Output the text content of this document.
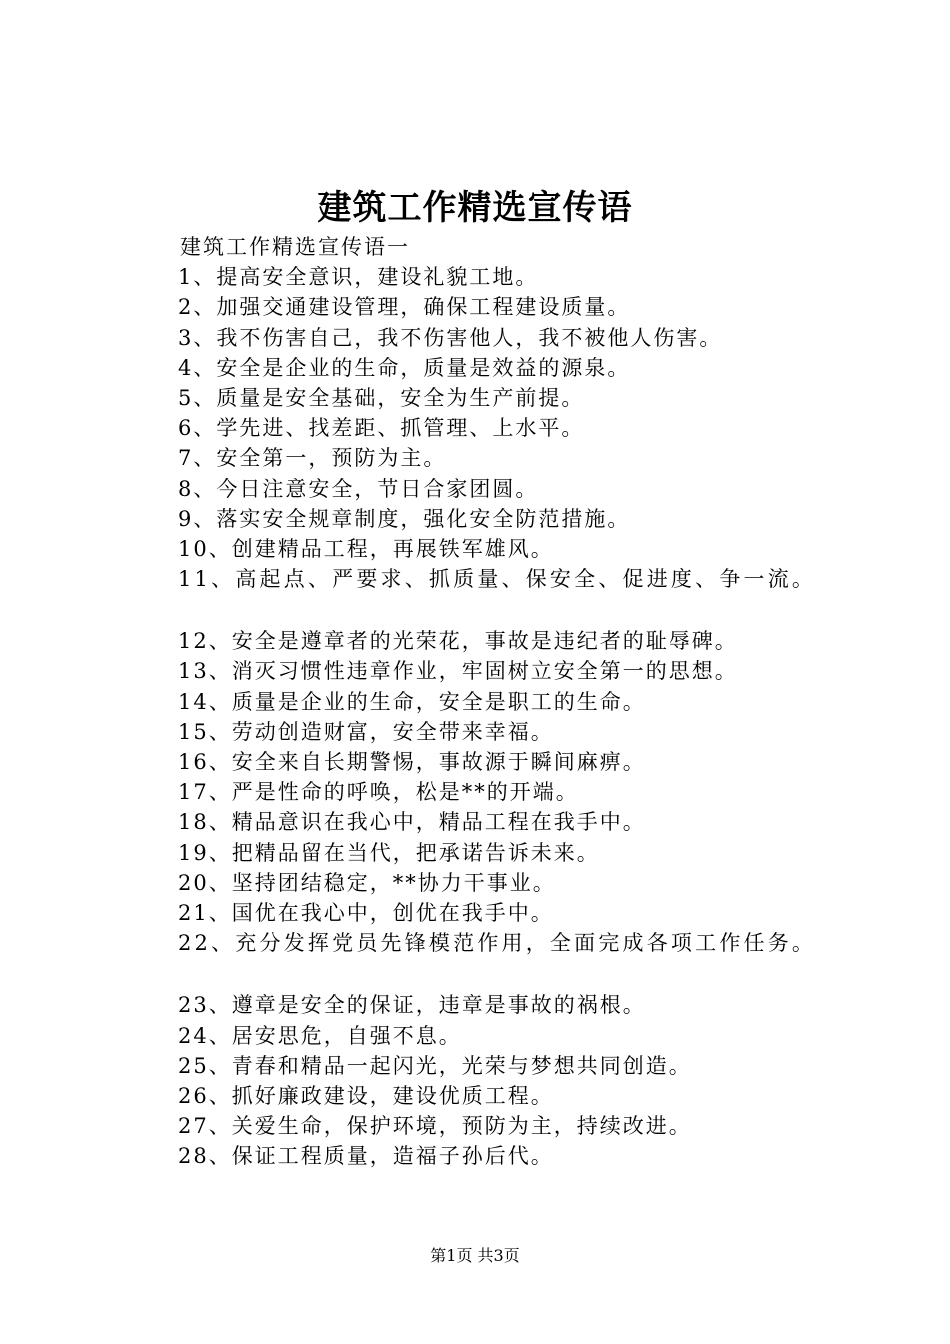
建筑工作精选宣传语
建筑工作精选宣传语一
1、提高安全意识，建设礼貌工地。
2、加强交通建设管理，确保工程建设质量。
3、我不伤害自己，我不伤害他人，我不被他人伤害。
4、安全是企业的生命，质量是效益的源泉。
5、质量是安全基础，安全为生产前提。
6、学先进、找差距、抓管理、上水平。
7、安全第一，预防为主。
8、今日注意安全，节日合家团圆。
9、落实安全规章制度，强化安全防范措施。
10、创建精品工程，再展铁军雄风。
11、高起点、严要求、抓质量、保安全、促进度、争一流。
12、安全是遵章者的光荣花，事故是违纪者的耻辱碑。
13、消灭习惯性违章作业，牢固树立安全第一的思想。
14、质量是企业的生命，安全是职工的生命。
15、劳动创造财富，安全带来幸福。
16、安全来自长期警惕，事故源于瞬间麻痹。
17、严是性命的呼唤，松是**的开端。
18、精品意识在我心中，精品工程在我手中。
19、把精品留在当代，把承诺告诉未来。
20、坚持团结稳定，**协力干事业。
21、国优在我心中，创优在我手中。
22、充分发挥党员先锋模范作用，全面完成各项工作任务。
23、遵章是安全的保证，违章是事故的祸根。
24、居安思危，自强不息。
25、青春和精品一起闪光，光荣与梦想共同创造。
26、抓好廉政建设，建设优质工程。
27、关爱生命，保护环境，预防为主，持续改进。
28、保证工程质量，造福子孙后代。
第1页 共3页
